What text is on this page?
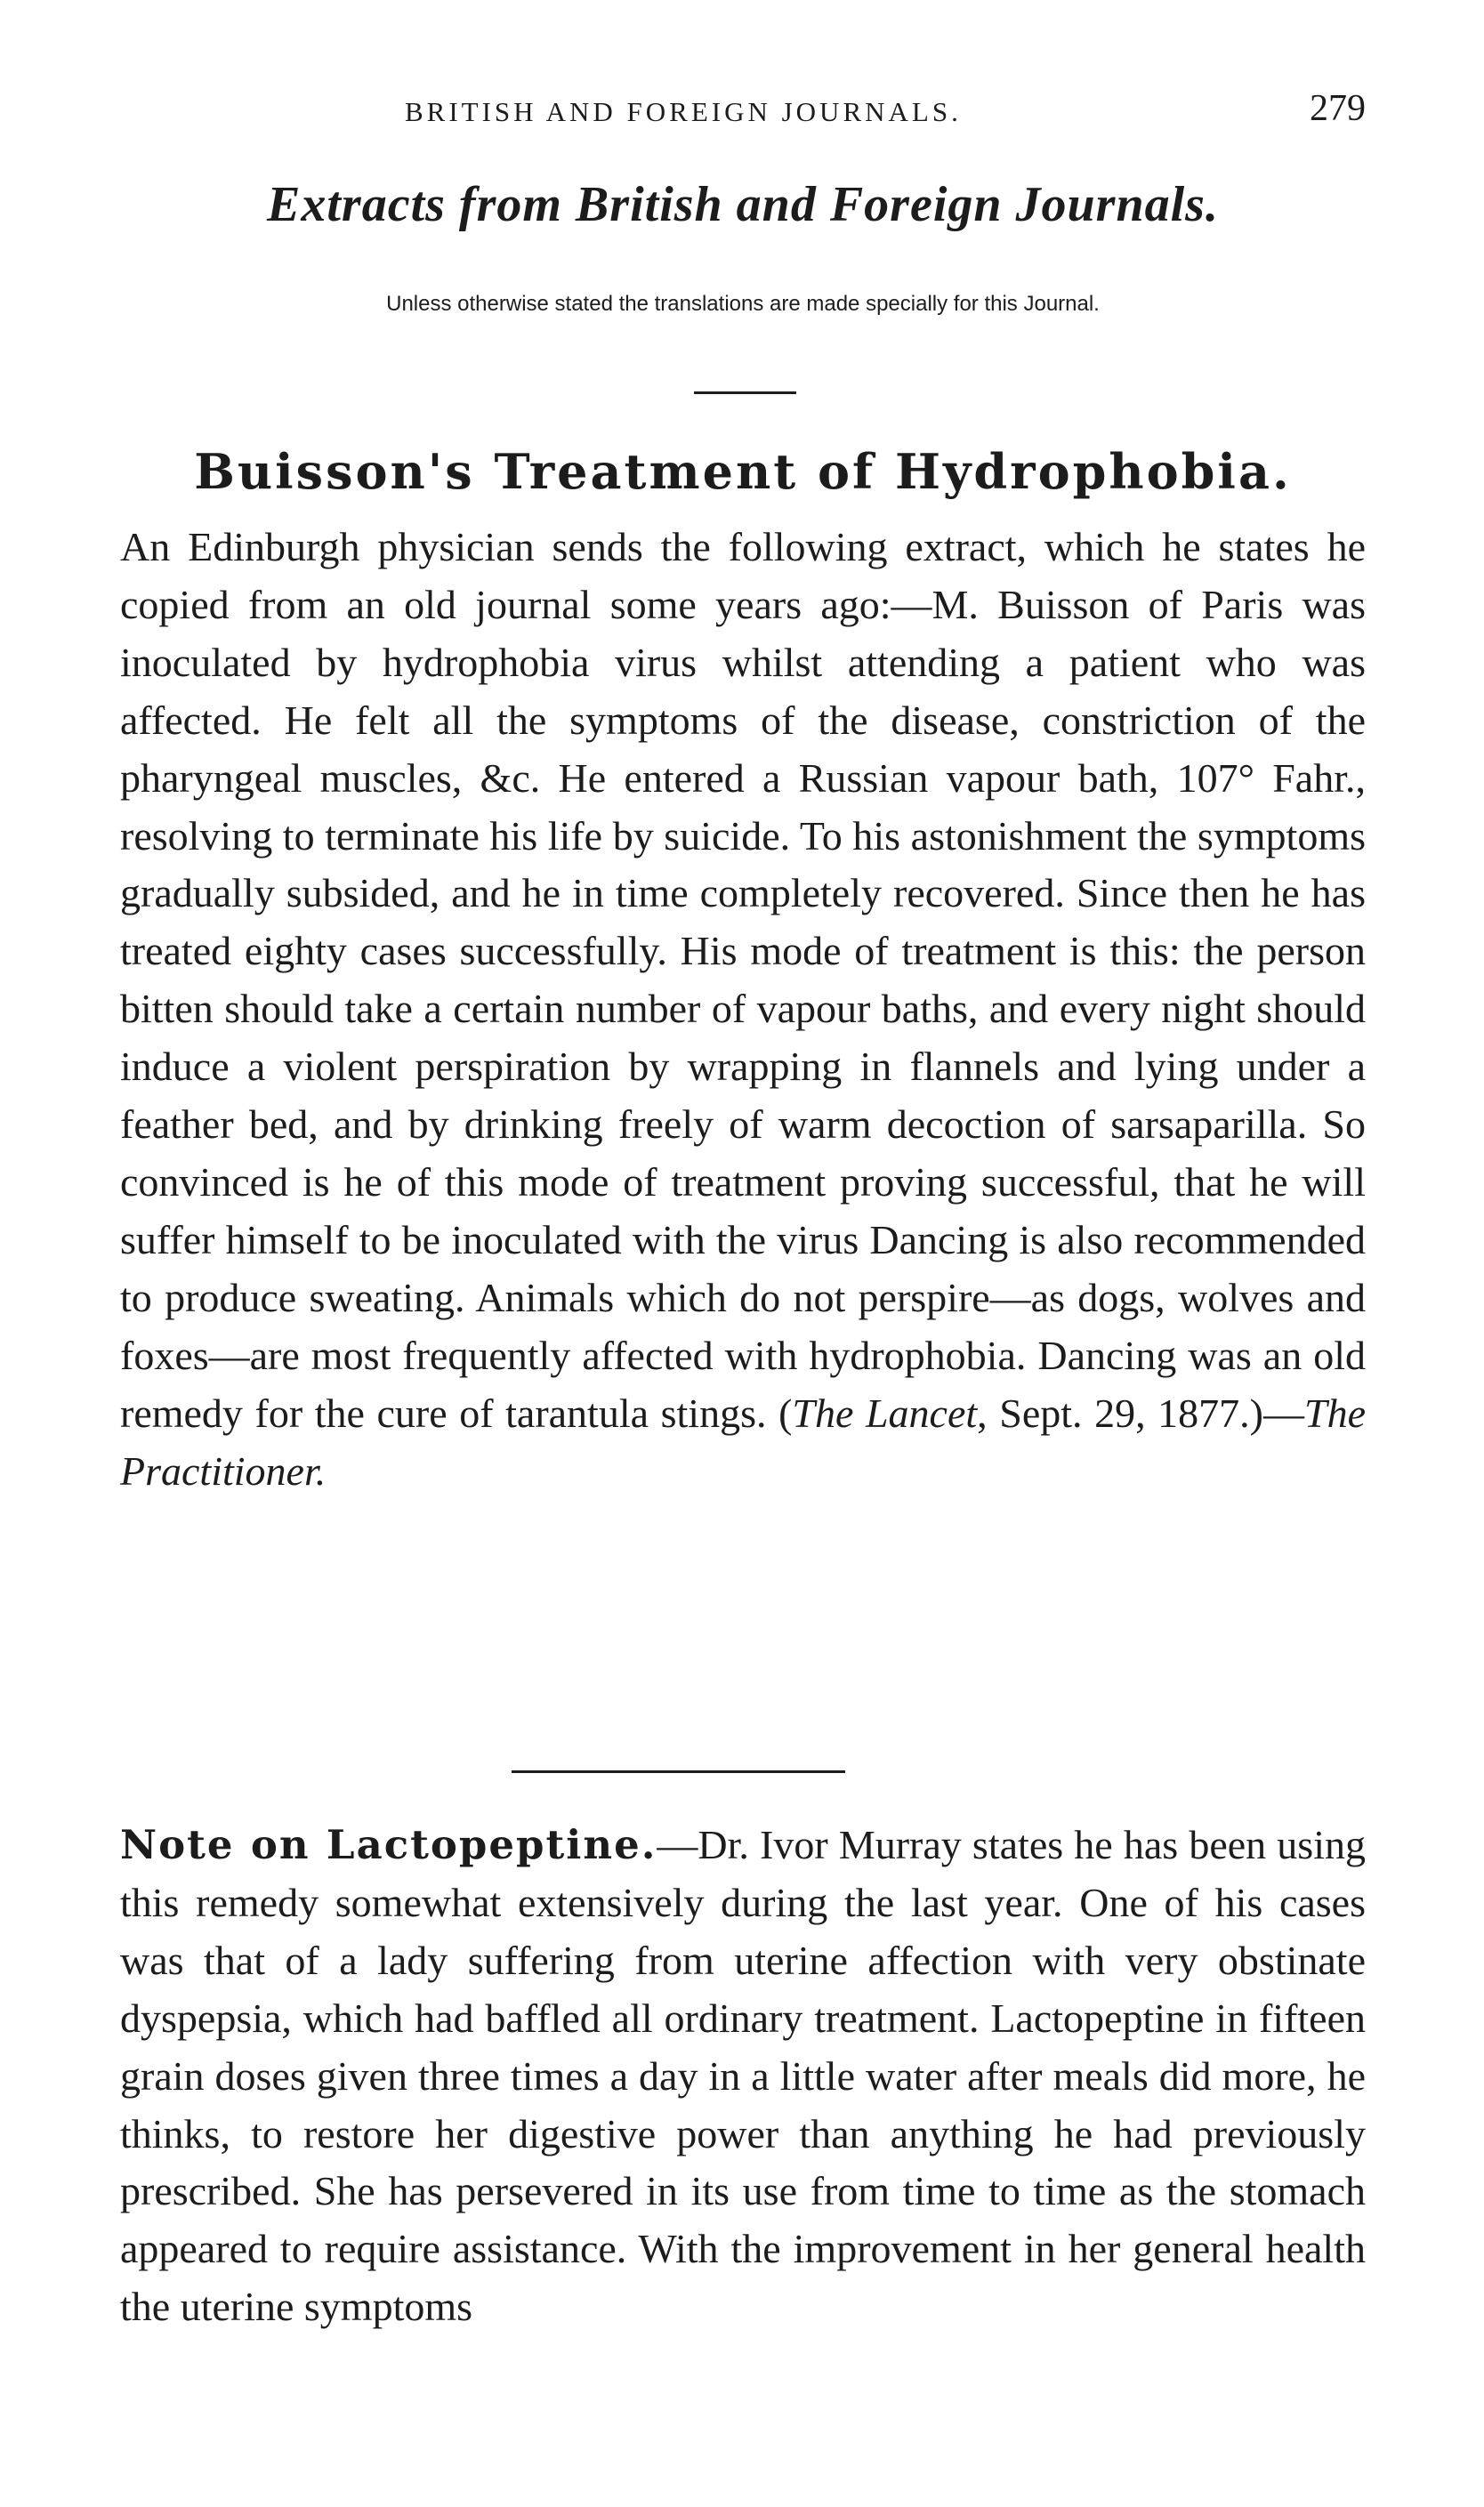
BRITISH AND FOREIGN JOURNALS.	279
Extracts from British and Foreign Journals.
Unless otherwise stated the translations are made specially for this Journal.
Buisson's Treatment of Hydrophobia.
An Edinburgh physician sends the following extract, which he states he copied from an old journal some years ago:—M. Buisson of Paris was inoculated by hydrophobia virus whilst attending a patient who was affected. He felt all the symptoms of the disease, constriction of the pharyngeal muscles, &c. He entered a Russian vapour bath, 107° Fahr., resolving to terminate his life by suicide. To his astonishment the symptoms gradually subsided, and he in time completely recovered. Since then he has treated eighty cases successfully. His mode of treatment is this: the person bitten should take a certain number of vapour baths, and every night should induce a violent perspiration by wrapping in flannels and lying under a feather bed, and by drinking freely of warm decoction of sarsaparilla. So convinced is he of this mode of treatment proving successful, that he will suffer himself to be inoculated with the virus Dancing is also recommended to produce sweating. Animals which do not perspire—as dogs, wolves and foxes—are most frequently affected with hydrophobia. Dancing was an old remedy for the cure of tarantula stings. (The Lancet, Sept. 29, 1877.)—The Practitioner.
Note on Lactopeptine.—Dr. Ivor Murray states he has been using this remedy somewhat extensively during the last year. One of his cases was that of a lady suffering from uterine affection with very obstinate dyspepsia, which had baffled all ordinary treatment. Lactopeptine in fifteen grain doses given three times a day in a little water after meals did more, he thinks, to restore her digestive power than anything he had previously prescribed. She has persevered in its use from time to time as the stomach appeared to require assistance. With the improvement in her general health the uterine symptoms
